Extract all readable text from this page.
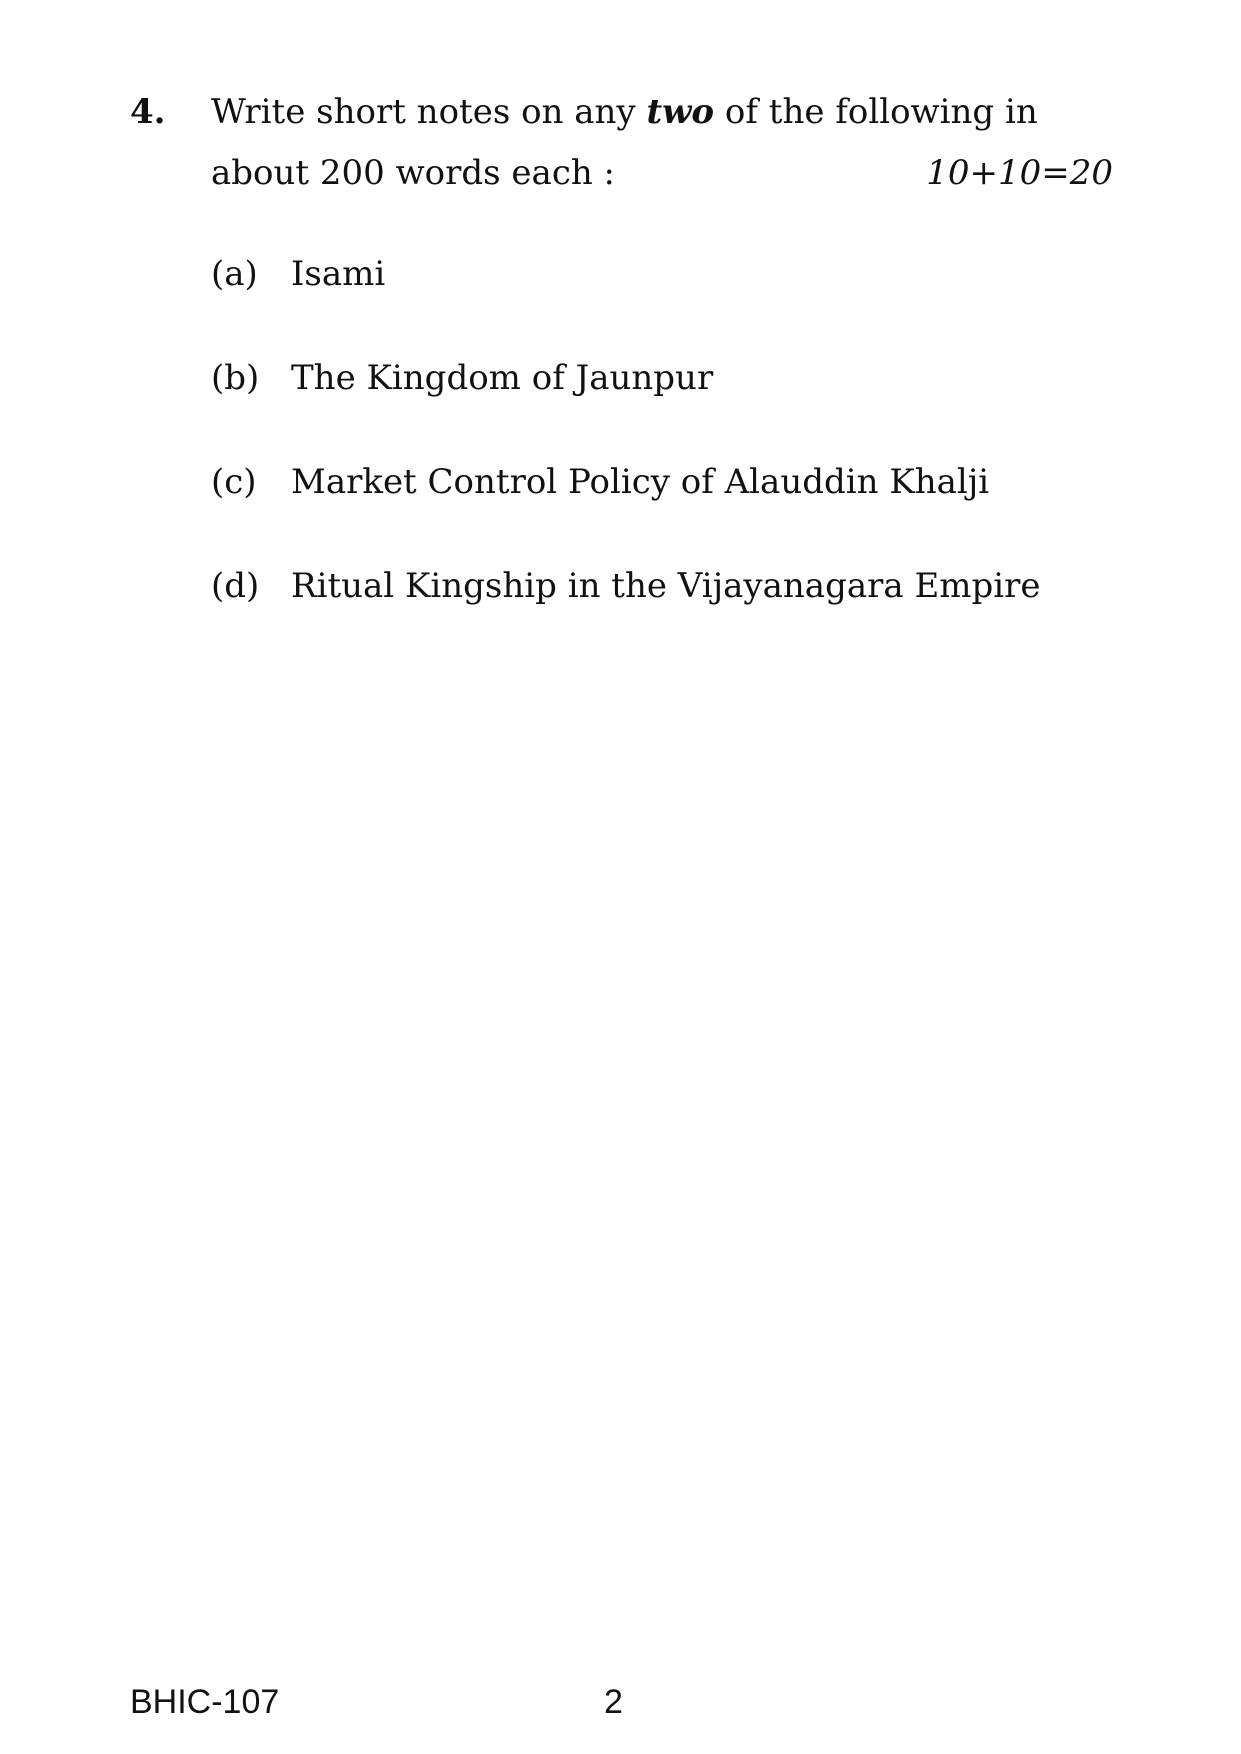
4. Write short notes on any two of the following in
about 200 words each :	10+10=20
(a) Isami
(b) The Kingdom of Jaunpur
(c)	Market Control Policy of Alauddin Khalji
(d) Ritual Kingship in the Vijayanagara Empire
BHIC-107	2
